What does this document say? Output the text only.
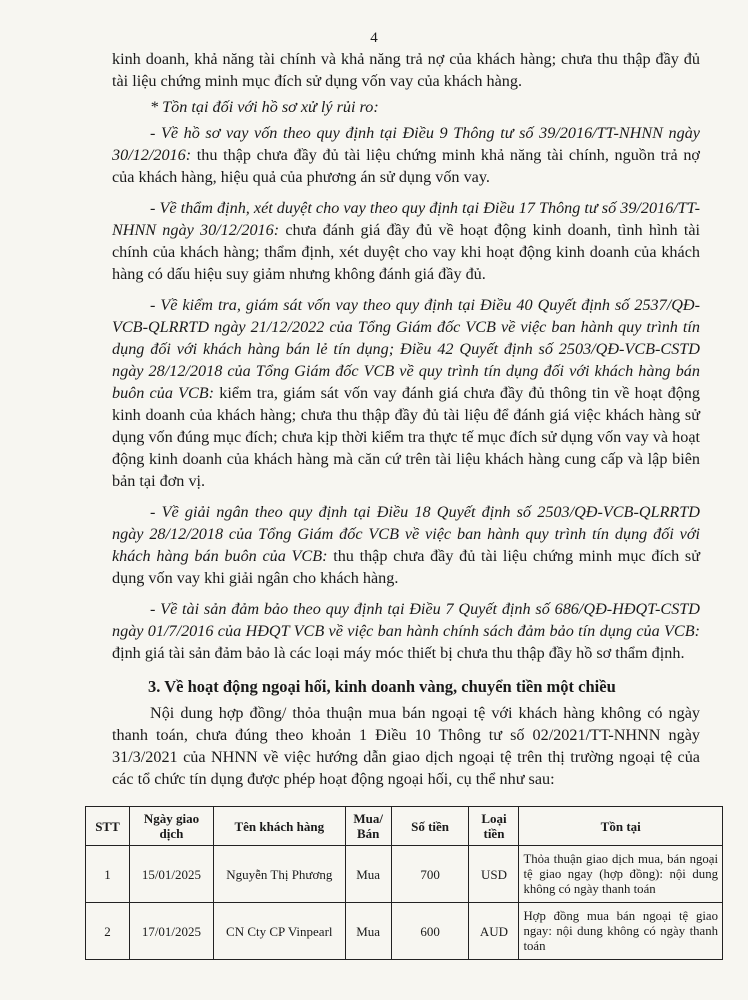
4

kinh doanh, khả năng tài chính và khả năng trả nợ của khách hàng; chưa thu thập đầy đủ tài liệu chứng minh mục đích sử dụng vốn vay của khách hàng.

* Tồn tại đối với hồ sơ xử lý rủi ro:

- Về hồ sơ vay vốn theo quy định tại Điều 9 Thông tư số 39/2016/TT-NHNN ngày 30/12/2016: thu thập chưa đầy đủ tài liệu chứng minh khả năng tài chính, nguồn trả nợ của khách hàng, hiệu quả của phương án sử dụng vốn vay.

- Về thẩm định, xét duyệt cho vay theo quy định tại Điều 17 Thông tư số 39/2016/TT-NHNN ngày 30/12/2016: chưa đánh giá đầy đủ về hoạt động kinh doanh, tình hình tài chính của khách hàng; thẩm định, xét duyệt cho vay khi hoạt động kinh doanh của khách hàng có dấu hiệu suy giảm nhưng không đánh giá đầy đủ.

- Về kiểm tra, giám sát vốn vay theo quy định tại Điều 40 Quyết định số 2537/QĐ-VCB-QLRRTD ngày 21/12/2022 của Tổng Giám đốc VCB về việc ban hành quy trình tín dụng đối với khách hàng bán lẻ tín dụng; Điều 42 Quyết định số 2503/QĐ-VCB-CSTD ngày 28/12/2018 của Tổng Giám đốc VCB về quy trình tín dụng đối với khách hàng bán buôn của VCB: kiểm tra, giám sát vốn vay đánh giá chưa đầy đủ thông tin về hoạt động kinh doanh của khách hàng; chưa thu thập đầy đủ tài liệu để đánh giá việc khách hàng sử dụng vốn đúng mục đích; chưa kịp thời kiểm tra thực tế mục đích sử dụng vốn vay và hoạt động kinh doanh của khách hàng mà căn cứ trên tài liệu khách hàng cung cấp và lập biên bản tại đơn vị.

- Về giải ngân theo quy định tại Điều 18 Quyết định số 2503/QĐ-VCB-QLRRTD ngày 28/12/2018 của Tổng Giám đốc VCB về việc ban hành quy trình tín dụng đối với khách hàng bán buôn của VCB: thu thập chưa đầy đủ tài liệu chứng minh mục đích sử dụng vốn vay khi giải ngân cho khách hàng.

- Về tài sản đảm bảo theo quy định tại Điều 7 Quyết định số 686/QĐ-HĐQT-CSTD ngày 01/7/2016 của HĐQT VCB về việc ban hành chính sách đảm bảo tín dụng của VCB: định giá tài sản đảm bảo là các loại máy móc thiết bị chưa thu thập đầy hồ sơ thẩm định.

3. Về hoạt động ngoại hối, kinh doanh vàng, chuyển tiền một chiều

Nội dung hợp đồng/ thỏa thuận mua bán ngoại tệ với khách hàng không có ngày thanh toán, chưa đúng theo khoản 1 Điều 10 Thông tư số 02/2021/TT-NHNN ngày 31/3/2021 của NHNN về việc hướng dẫn giao dịch ngoại tệ trên thị trường ngoại tệ của các tổ chức tín dụng được phép hoạt động ngoại hối, cụ thể như sau:

STT	Ngày giao dịch	Tên khách hàng	Mua/ Bán	Số tiền	Loại tiền	Tồn tại
1	15/01/2025	Nguyễn Thị Phương	Mua	700	USD	Thỏa thuận giao dịch mua, bán ngoại tệ giao ngay (hợp đồng): nội dung không có ngày thanh toán
2	17/01/2025	CN Cty CP Vinpearl	Mua	600	AUD	Hợp đồng mua bán ngoại tệ giao ngay: nội dung không có ngày thanh toán
